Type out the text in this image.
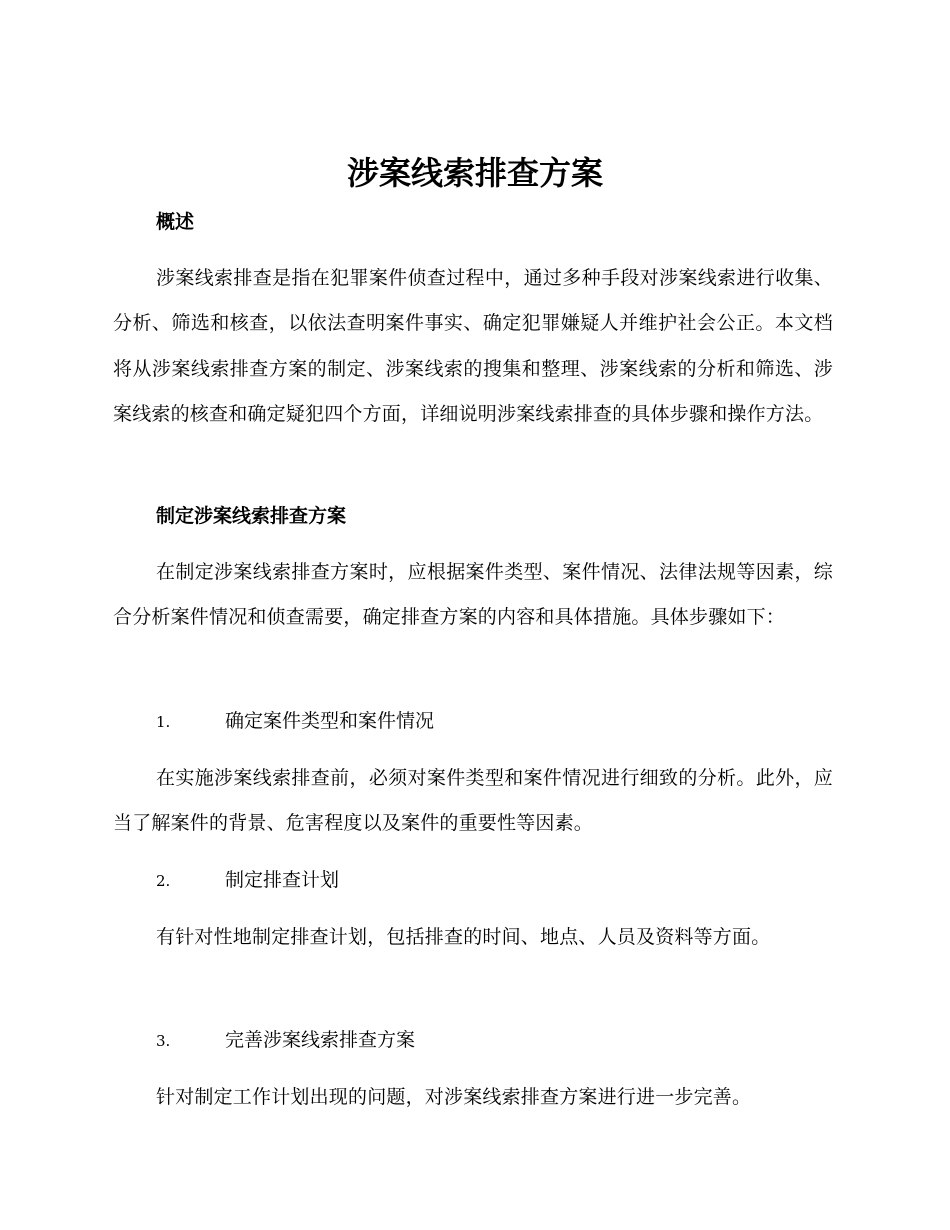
涉案线索排查方案
概述

涉案线索排查是指在犯罪案件侦查过程中，通过多种手段对涉案线索进行收集、分析、筛选和核查，以依法查明案件事实、确定犯罪嫌疑人并维护社会公正。本文档将从涉案线索排查方案的制定、涉案线索的搜集和整理、涉案线索的分析和筛选、涉案线索的核查和确定疑犯四个方面，详细说明涉案线索排查的具体步骤和操作方法。

制定涉案线索排查方案

在制定涉案线索排查方案时，应根据案件类型、案件情况、法律法规等因素，综合分析案件情况和侦查需要，确定排查方案的内容和具体措施。具体步骤如下：

1.	确定案件类型和案件情况

在实施涉案线索排查前，必须对案件类型和案件情况进行细致的分析。此外，应当了解案件的背景、危害程度以及案件的重要性等因素。

2.	制定排查计划

有针对性地制定排查计划，包括排查的时间、地点、人员及资料等方面。

3.	完善涉案线索排查方案

针对制定工作计划出现的问题，对涉案线索排查方案进行进一步完善。
